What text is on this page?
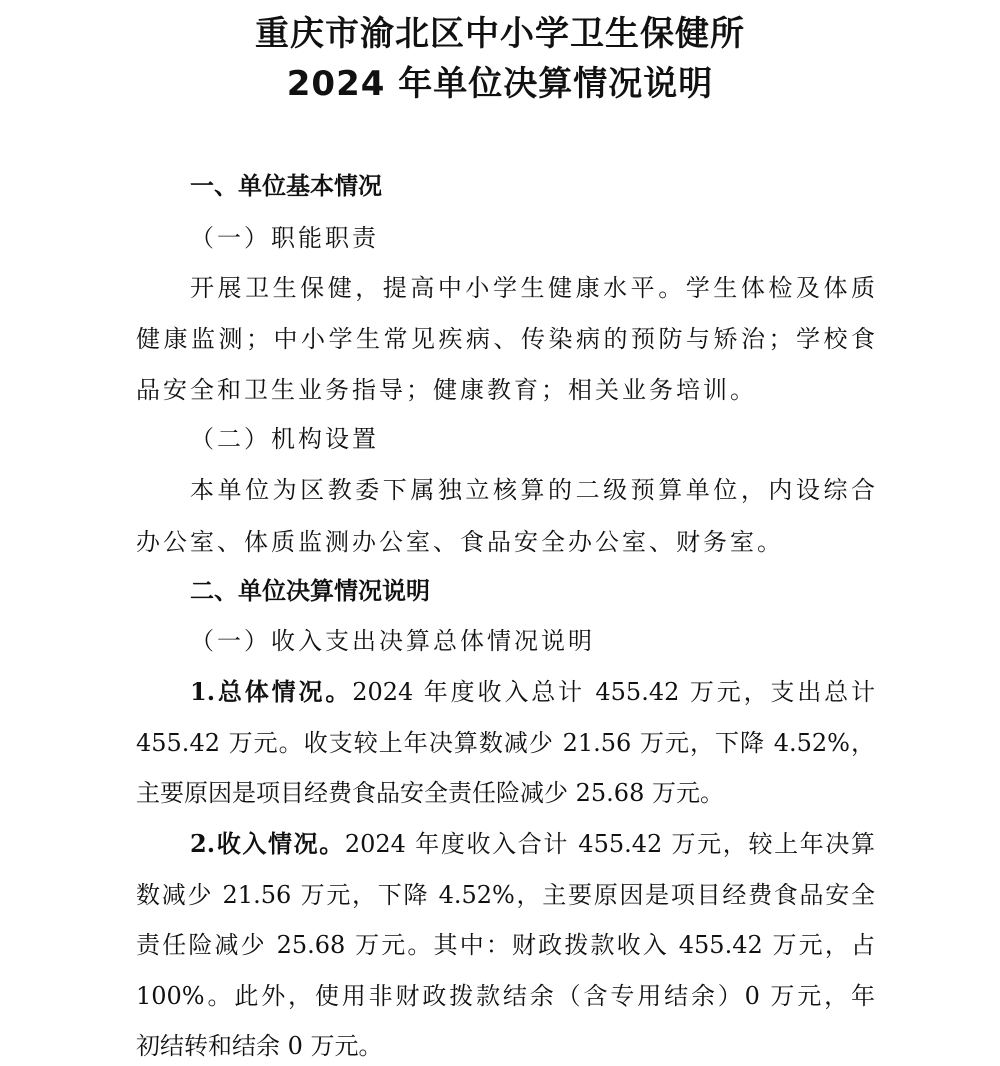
重庆市渝北区中小学卫生保健所
2024 年单位决算情况说明
一、单位基本情况
（一）职能职责
开展卫生保健，提高中小学生健康水平。学生体检及体质
健康监测；中小学生常见疾病、传染病的预防与矫治；学校食
品安全和卫生业务指导；健康教育；相关业务培训。
（二）机构设置
本单位为区教委下属独立核算的二级预算单位，内设综合
办公室、体质监测办公室、食品安全办公室、财务室。
二、单位决算情况说明
（一）收入支出决算总体情况说明
1.总体情况。2024 年度收入总计 455.42 万元，支出总计
455.42 万元。收支较上年决算数减少 21.56 万元，下降 4.52%，
主要原因是项目经费食品安全责任险减少 25.68 万元。
2.收入情况。2024 年度收入合计 455.42 万元，较上年决算
数减少 21.56 万元，下降 4.52%，主要原因是项目经费食品安全
责任险减少 25.68 万元。其中：财政拨款收入 455.42 万元，占
100%。此外，使用非财政拨款结余（含专用结余）0 万元，年
初结转和结余 0 万元。
